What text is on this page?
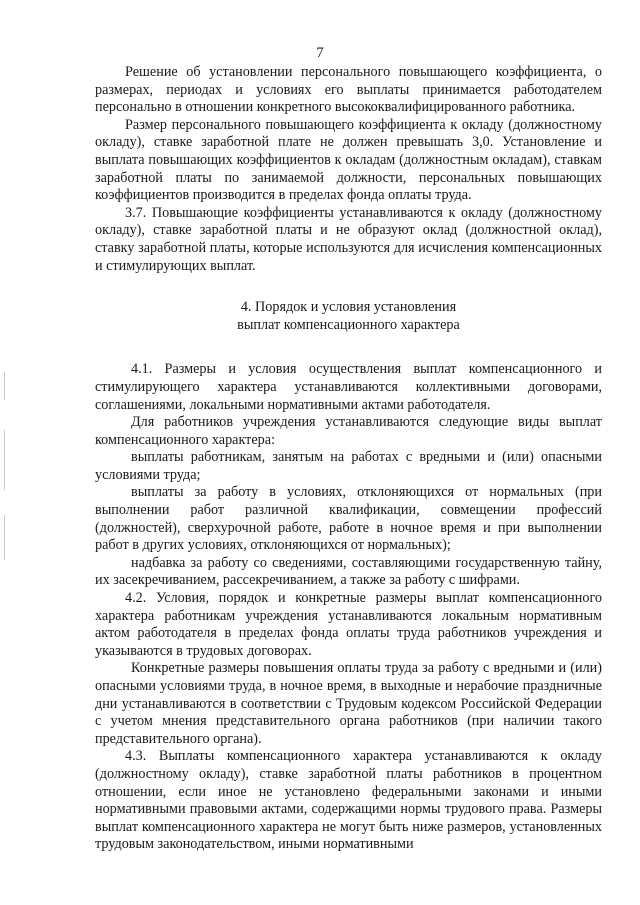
7

Решение об установлении персонального повышающего коэффициента, о размерах, периодах и условиях его выплаты принимается работодателем персонально в отношении конкретного высококвалифицированного работника.

Размер персонального повышающего коэффициента к окладу (должностному окладу), ставке заработной плате не должен превышать 3,0. Установление и выплата повышающих коэффициентов к окладам (должностным окладам), ставкам заработной платы по занимаемой должности, персональных повышающих коэффициентов производится в пределах фонда оплаты труда.

3.7. Повышающие коэффициенты устанавливаются к окладу (должностному окладу), ставке заработной платы и не образуют оклад (должностной оклад), ставку заработной платы, которые используются для исчисления компенсационных и стимулирующих выплат.

4. Порядок и условия установления

выплат компенсационного характера

4.1. Размеры и условия осуществления выплат компенсационного и стимулирующего характера устанавливаются коллективными договорами, соглашениями, локальными нормативными актами работодателя.

Для работников учреждения устанавливаются следующие виды выплат компенсационного характера:

выплаты работникам, занятым на работах с вредными и (или) опасными условиями труда;

выплаты за работу в условиях, отклоняющихся от нормальных (при выполнении работ различной квалификации, совмещении профессий (должностей), сверхурочной работе, работе в ночное время и при выполнении работ в других условиях, отклоняющихся от нормальных);

надбавка за работу со сведениями, составляющими государственную тайну, их засекречиванием, рассекречиванием, а также за работу с шифрами.

4.2. Условия, порядок и конкретные размеры выплат компенсационного характера работникам учреждения устанавливаются локальным нормативным актом работодателя в пределах фонда оплаты труда работников учреждения и указываются в трудовых договорах.

Конкретные размеры повышения оплаты труда за работу с вредными и (или) опасными условиями труда, в ночное время, в выходные и нерабочие праздничные дни устанавливаются в соответствии с Трудовым кодексом Российской Федерации с учетом мнения представительного органа работников (при наличии такого представительного органа).

4.3. Выплаты компенсационного характера устанавливаются к окладу (должностному окладу), ставке заработной платы работников в процентном отношении, если иное не установлено федеральными законами и иными нормативными правовыми актами, содержащими нормы трудового права. Размеры выплат компенсационного характера не могут быть ниже размеров, установленных трудовым законодательством, иными нормативными
